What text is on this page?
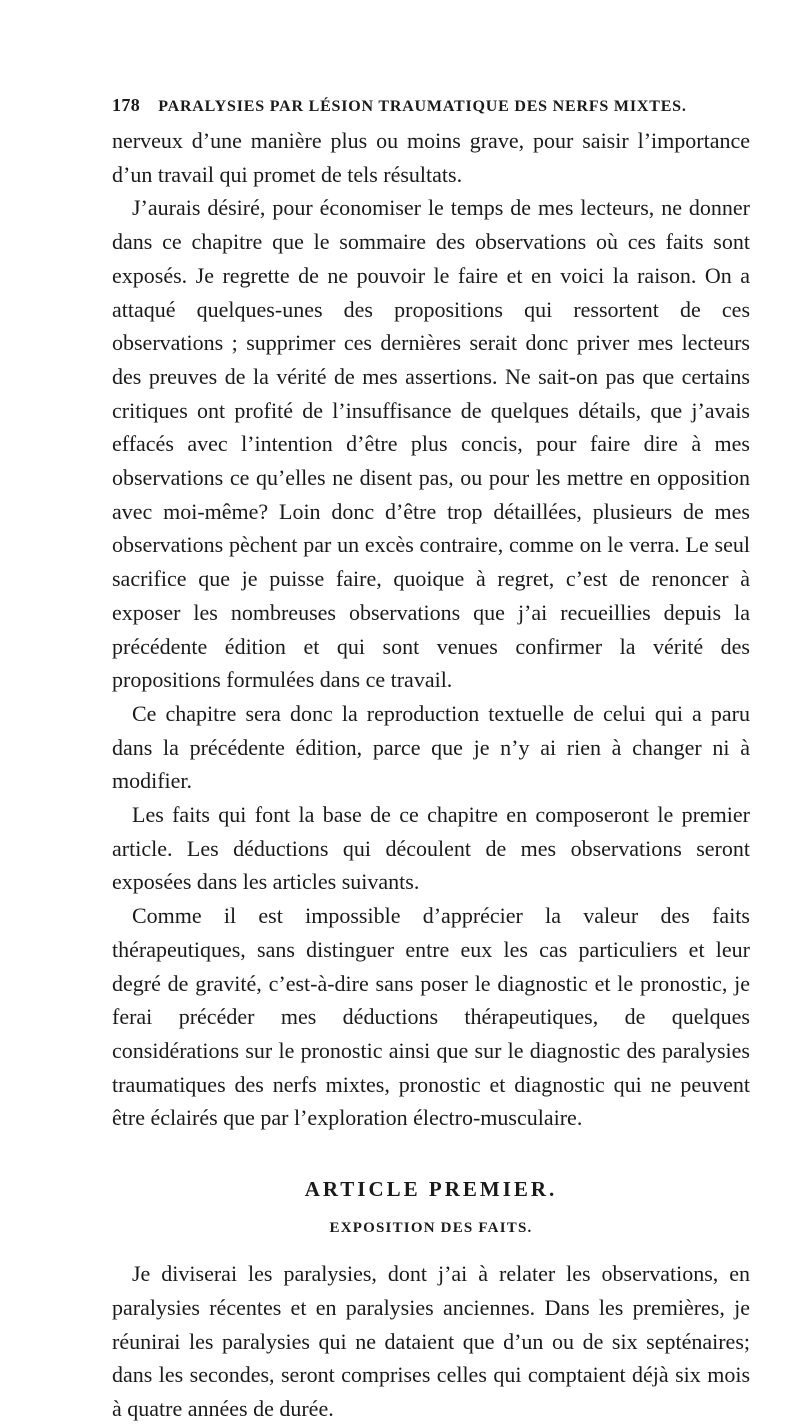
178 PARALYSIES PAR LÉSION TRAUMATIQUE DES NERFS MIXTES.

nerveux d’une manière plus ou moins grave, pour saisir l’importance d’un travail qui promet de tels résultats.

J’aurais désiré, pour économiser le temps de mes lecteurs, ne donner dans ce chapitre que le sommaire des observations où ces faits sont exposés. Je regrette de ne pouvoir le faire et en voici la raison. On a attaqué quelques-unes des propositions qui ressortent de ces observations ; supprimer ces dernières serait donc priver mes lecteurs des preuves de la vérité de mes assertions. Ne sait-on pas que certains critiques ont profité de l’insuffisance de quelques détails, que j’avais effacés avec l’intention d’être plus concis, pour faire dire à mes observations ce qu’elles ne disent pas, ou pour les mettre en opposition avec moi-même? Loin donc d’être trop détaillées, plusieurs de mes observations pèchent par un excès contraire, comme on le verra. Le seul sacrifice que je puisse faire, quoique à regret, c’est de renoncer à exposer les nombreuses observations que j’ai recueillies depuis la précédente édition et qui sont venues confirmer la vérité des propositions formulées dans ce travail.

Ce chapitre sera donc la reproduction textuelle de celui qui a paru dans la précédente édition, parce que je n’y ai rien à changer ni à modifier.

Les faits qui font la base de ce chapitre en composeront le premier article. Les déductions qui découlent de mes observations seront exposées dans les articles suivants.

Comme il est impossible d’apprécier la valeur des faits thérapeutiques, sans distinguer entre eux les cas particuliers et leur degré de gravité, c’est-à-dire sans poser le diagnostic et le pronostic, je ferai précéder mes déductions thérapeutiques, de quelques considérations sur le pronostic ainsi que sur le diagnostic des paralysies traumatiques des nerfs mixtes, pronostic et diagnostic qui ne peuvent être éclairés que par l’exploration électro-musculaire.

ARTICLE PREMIER.
EXPOSITION DES FAITS.

Je diviserai les paralysies, dont j’ai à relater les observations, en paralysies récentes et en paralysies anciennes. Dans les premières, je réunirai les paralysies qui ne dataient que d’un ou de six septénaires; dans les secondes, seront comprises celles qui comptaient déjà six mois à quatre années de durée.
